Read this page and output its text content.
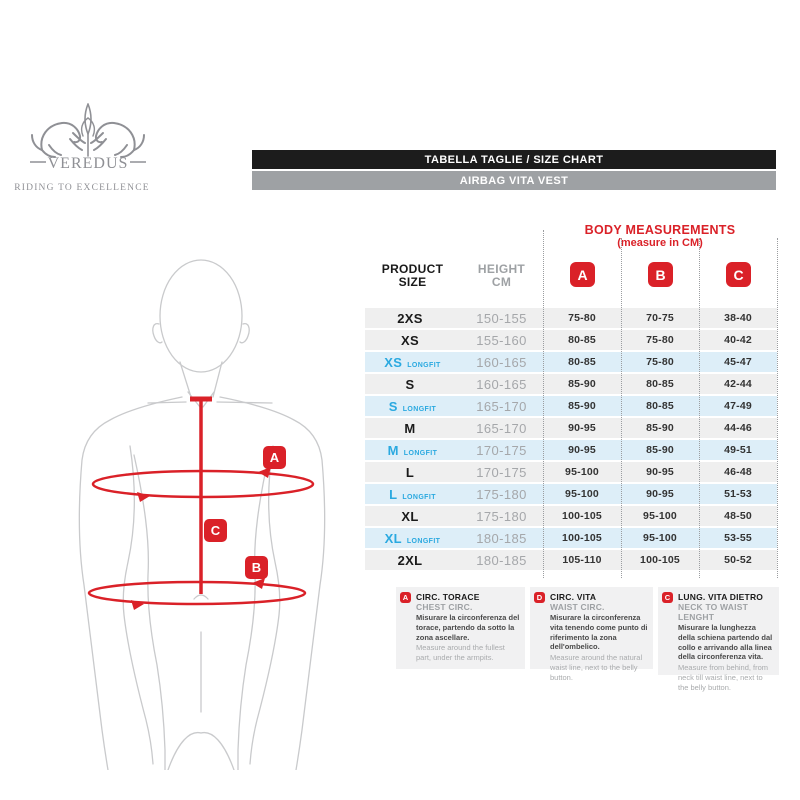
VEREDUS
RIDING TO EXCELLENCE
TABELLA TAGLIE / SIZE CHART
AIRBAG VITA VEST
BODY MEASUREMENTS
(measure in CM)
A
C
B
PRODUCT
SIZE
HEIGHT
CM	A	B	C
2XS	150-155	75-80	70-75	38-40
XS	155-160	80-85	75-80	40-42
XS LONGFIT	160-165	80-85	75-80	45-47
S	160-165	85-90	80-85	42-44
S LONGFIT	165-170	85-90	80-85	47-49
M	165-170	90-95	85-90	44-46
M LONGFIT	170-175	90-95	85-90	49-51
L	170-175	95-100	90-95	46-48
L LONGFIT	175-180	95-100	90-95	51-53
XL	175-180	100-105	95-100	48-50
XL LONGFIT	180-185	100-105	95-100	53-55
2XL	180-185	105-110	100-105	50-52
A CIRC. TORACE
CHEST CIRC.
Misurare la circonferenza del torace, partendo da sotto la zona ascellare.
Measure around the fullest part, under the armpits.
D CIRC. VITA
WAIST CIRC.
Misurare la circonferenza vita tenendo come punto di riferimento la zona dell'ombelico.
Measure around the natural waist line, next to the belly button.
C LUNG. VITA DIETRO
NECK TO WAIST LENGHT
Misurare la lunghezza della schiena partendo dal collo e arrivando alla linea della circonferenza vita.
Measure from behind, from neck till waist line, next to the belly button.
